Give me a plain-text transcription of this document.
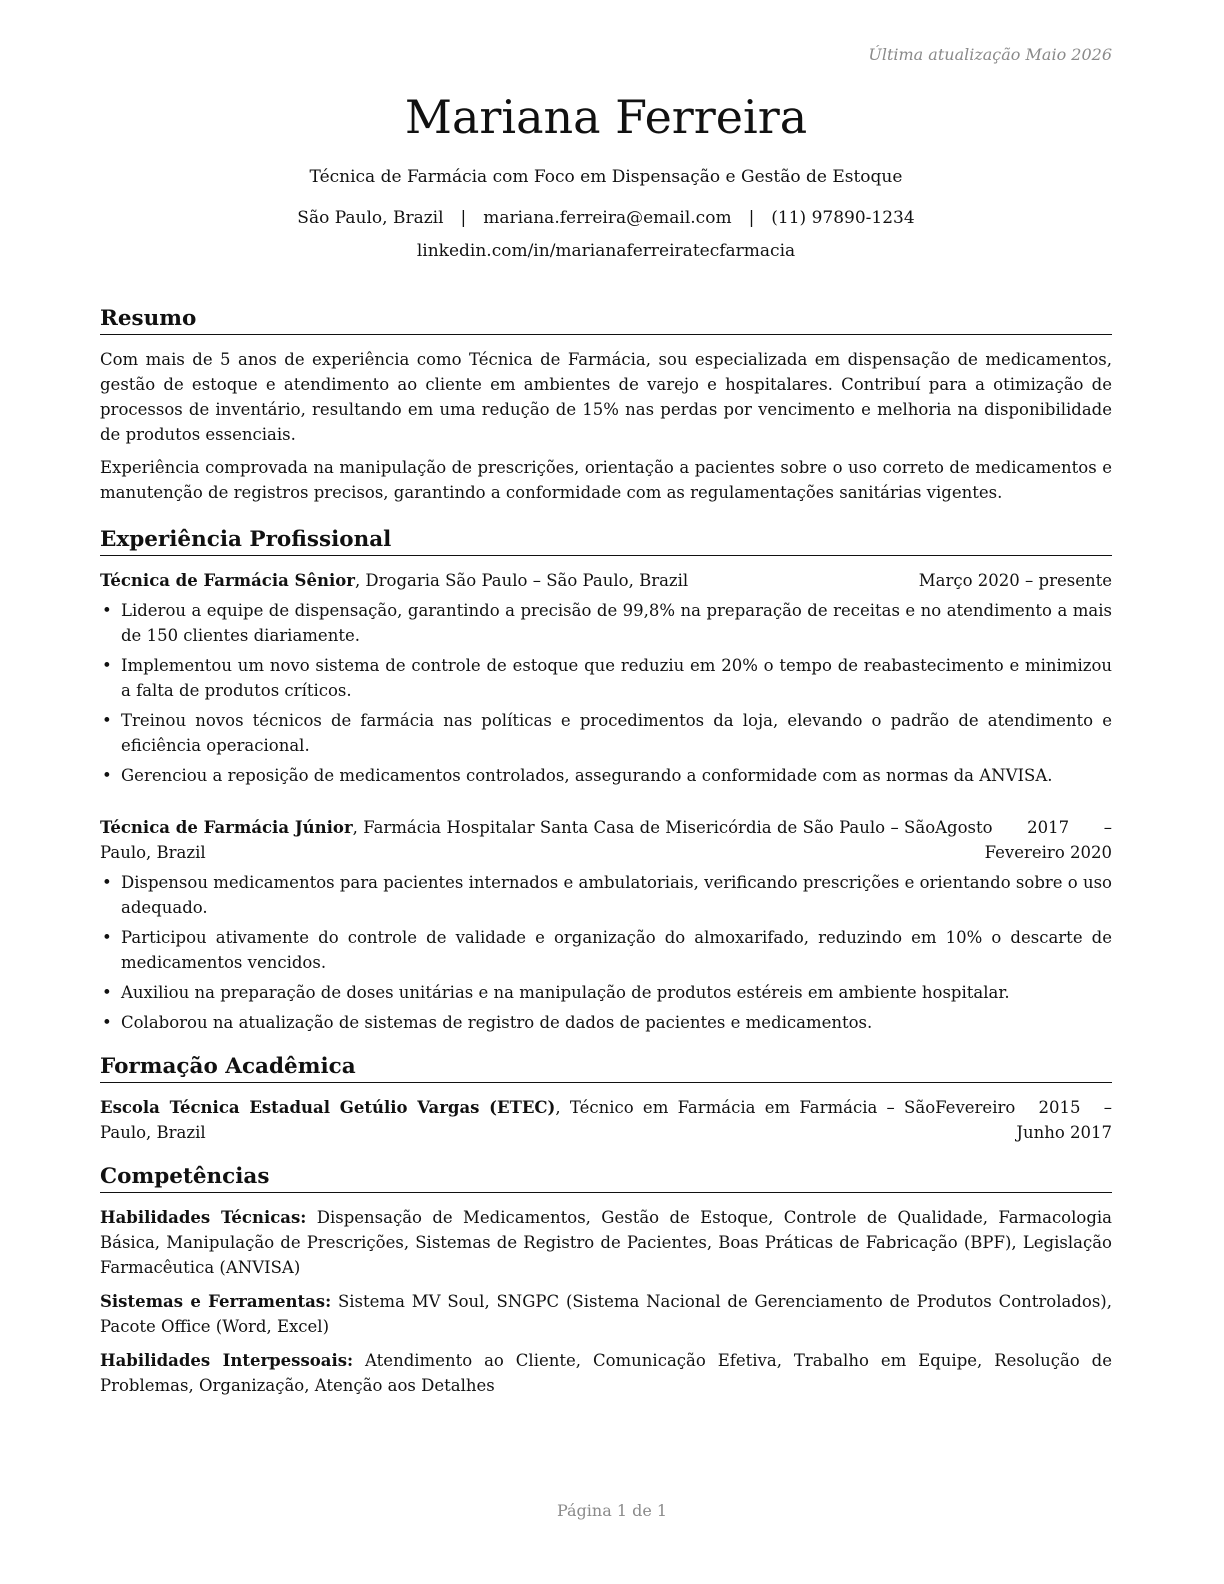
Última atualização Maio 2026
Mariana Ferreira
Técnica de Farmácia com Foco em Dispensação e Gestão de Estoque
São Paulo, Brazil | mariana.ferreira@email.com | (11) 97890-1234
linkedin.com/in/marianaferreiratecfarmacia
Resumo

Com mais de 5 anos de experiência como Técnica de Farmácia, sou especializada em dispensação de medicamentos, gestão de estoque e atendimento ao cliente em ambientes de varejo e hospitalares. Contribuí para a otimização de processos de inventário, resultando em uma redução de 15% nas perdas por vencimento e melhoria na disponibilidade de produtos essenciais.

Experiência comprovada na manipulação de prescrições, orientação a pacientes sobre o uso correto de medicamentos e manutenção de registros precisos, garantindo a conformidade com as regulamentações sanitárias vigentes.

Experiência Profissional
Técnica de Farmácia Sênior, Drogaria São Paulo – São Paulo, Brazil	Março 2020 – presente
• Liderou a equipe de dispensação, garantindo a precisão de 99,8% na preparação de receitas e no atendimento a mais de 150 clientes diariamente.
• Implementou um novo sistema de controle de estoque que reduziu em 20% o tempo de reabastecimento e minimizou a falta de produtos críticos.
• Treinou novos técnicos de farmácia nas políticas e procedimentos da loja, elevando o padrão de atendimento e eficiência operacional.
• Gerenciou a reposição de medicamentos controlados, assegurando a conformidade com as normas da ANVISA.
Técnica de Farmácia Júnior, Farmácia Hospitalar Santa Casa de Misericórdia de São Paulo – São Paulo, Brazil
Agosto 2017 – Fevereiro 2020
• Dispensou medicamentos para pacientes internados e ambulatoriais, verificando prescrições e orientando sobre o uso adequado.
• Participou ativamente do controle de validade e organização do almoxarifado, reduzindo em 10% o descarte de medicamentos vencidos.
• Auxiliou na preparação de doses unitárias e na manipulação de produtos estéreis em ambiente hospitalar.
• Colaborou na atualização de sistemas de registro de dados de pacientes e medicamentos.
Formação Acadêmica
Escola Técnica Estadual Getúlio Vargas (ETEC), Técnico em Farmácia em Farmácia – São Paulo, Brazil
Fevereiro 2015 – Junho 2017
Competências

Habilidades Técnicas: Dispensação de Medicamentos, Gestão de Estoque, Controle de Qualidade, Farmacologia Básica, Manipulação de Prescrições, Sistemas de Registro de Pacientes, Boas Práticas de Fabricação (BPF), Legislação Farmacêutica (ANVISA)

Sistemas e Ferramentas: Sistema MV Soul, SNGPC (Sistema Nacional de Gerenciamento de Produtos Controlados), Pacote Office (Word, Excel)

Habilidades Interpessoais: Atendimento ao Cliente, Comunicação Efetiva, Trabalho em Equipe, Resolução de Problemas, Organização, Atenção aos Detalhes

Página 1 de 1
